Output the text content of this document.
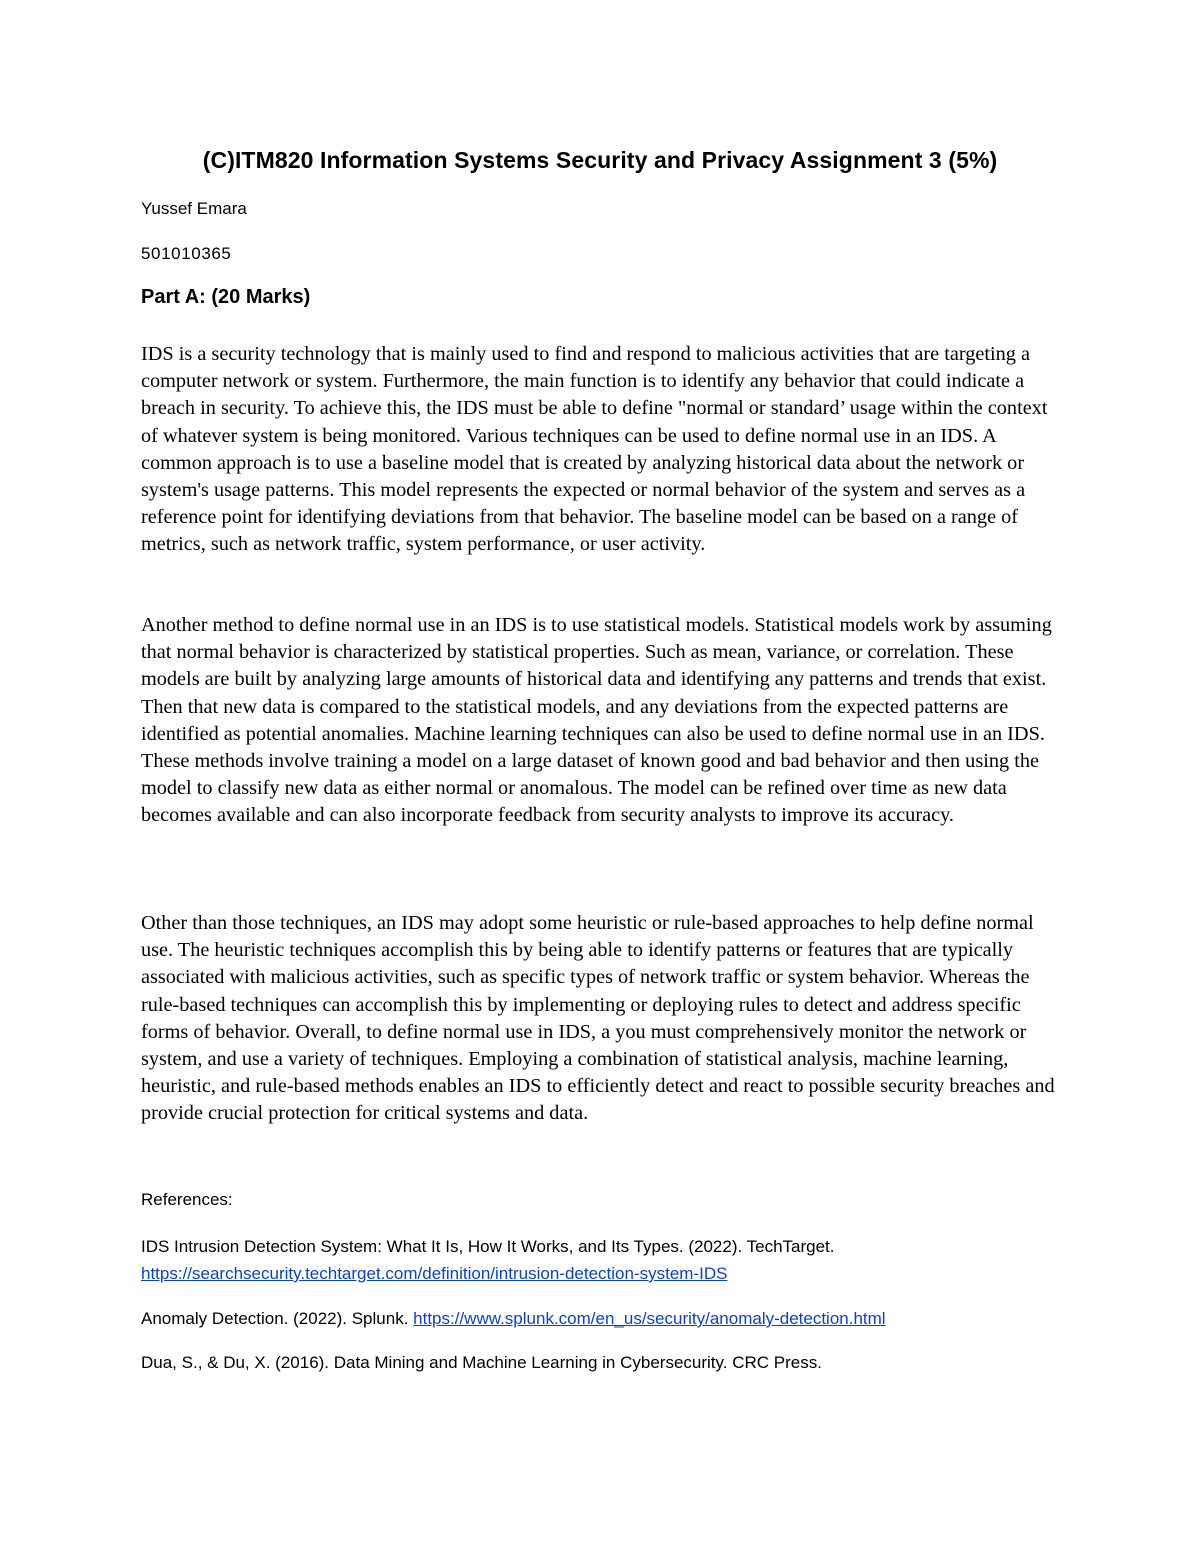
(C)ITM820 Information Systems Security and Privacy Assignment 3 (5%)
Yussef Emara
501010365
Part A: (20 Marks)

IDS is a security technology that is mainly used to find and respond to malicious activities that are targeting a computer network or system. Furthermore, the main function is to identify any behavior that could indicate a breach in security. To achieve this, the IDS must be able to define "normal or standard’ usage within the context of whatever system is being monitored. Various techniques can be used to define normal use in an IDS. A common approach is to use a baseline model that is created by analyzing historical data about the network or system's usage patterns. This model represents the expected or normal behavior of the system and serves as a reference point for identifying deviations from that behavior. The baseline model can be based on a range of metrics, such as network traffic, system performance, or user activity.

Another method to define normal use in an IDS is to use statistical models. Statistical models work by assuming that normal behavior is characterized by statistical properties. Such as mean, variance, or correlation. These models are built by analyzing large amounts of historical data and identifying any patterns and trends that exist. Then that new data is compared to the statistical models, and any deviations from the expected patterns are identified as potential anomalies. Machine learning techniques can also be used to define normal use in an IDS. These methods involve training a model on a large dataset of known good and bad behavior and then using the model to classify new data as either normal or anomalous. The model can be refined over time as new data becomes available and can also incorporate feedback from security analysts to improve its accuracy.

Other than those techniques, an IDS may adopt some heuristic or rule-based approaches to help define normal use. The heuristic techniques accomplish this by being able to identify patterns or features that are typically associated with malicious activities, such as specific types of network traffic or system behavior. Whereas the rule-based techniques can accomplish this by implementing or deploying rules to detect and address specific forms of behavior. Overall, to define normal use in IDS, a you must comprehensively monitor the network or system, and use a variety of techniques. Employing a combination of statistical analysis, machine learning, heuristic, and rule-based methods enables an IDS to efficiently detect and react to possible security breaches and provide crucial protection for critical systems and data.

References:
IDS Intrusion Detection System: What It Is, How It Works, and Its Types. (2022). TechTarget.
https://searchsecurity.techtarget.com/definition/intrusion-detection-system-IDS
Anomaly Detection. (2022). Splunk. https://www.splunk.com/en_us/security/anomaly-detection.html
Dua, S., & Du, X. (2016). Data Mining and Machine Learning in Cybersecurity. CRC Press.
